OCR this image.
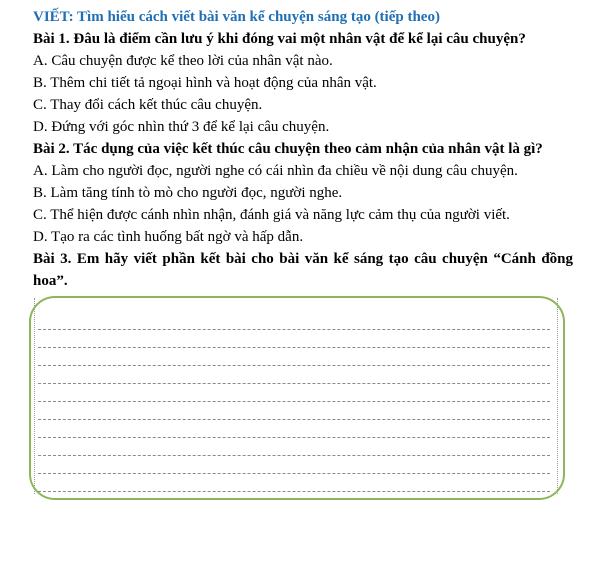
VIẾT: Tìm hiểu cách viết bài văn kể chuyện sáng tạo (tiếp theo)

Bài 1. Đâu là điểm cần lưu ý khi đóng vai một nhân vật để kể lại câu chuyện?

A. Câu chuyện được kể theo lời của nhân vật nào.

B. Thêm chi tiết tả ngoại hình và hoạt động của nhân vật.

C. Thay đổi cách kết thúc câu chuyện.

D. Đứng với góc nhìn thứ 3 để kể lại câu chuyện.

Bài 2. Tác dụng của việc kết thúc câu chuyện theo cảm nhận của nhân vật là gì?

A. Làm cho người đọc, người nghe có cái nhìn đa chiều về nội dung câu chuyện.

B. Làm tăng tính tò mò cho người đọc, người nghe.

C. Thể hiện được cánh nhìn nhận, đánh giá và năng lực cảm thụ của người viết.

D. Tạo ra các tình huống bất ngờ và hấp dẫn.

Bài 3. Em hãy viết phần kết bài cho bài văn kể sáng tạo câu chuyện “Cánh đồng hoa”.
